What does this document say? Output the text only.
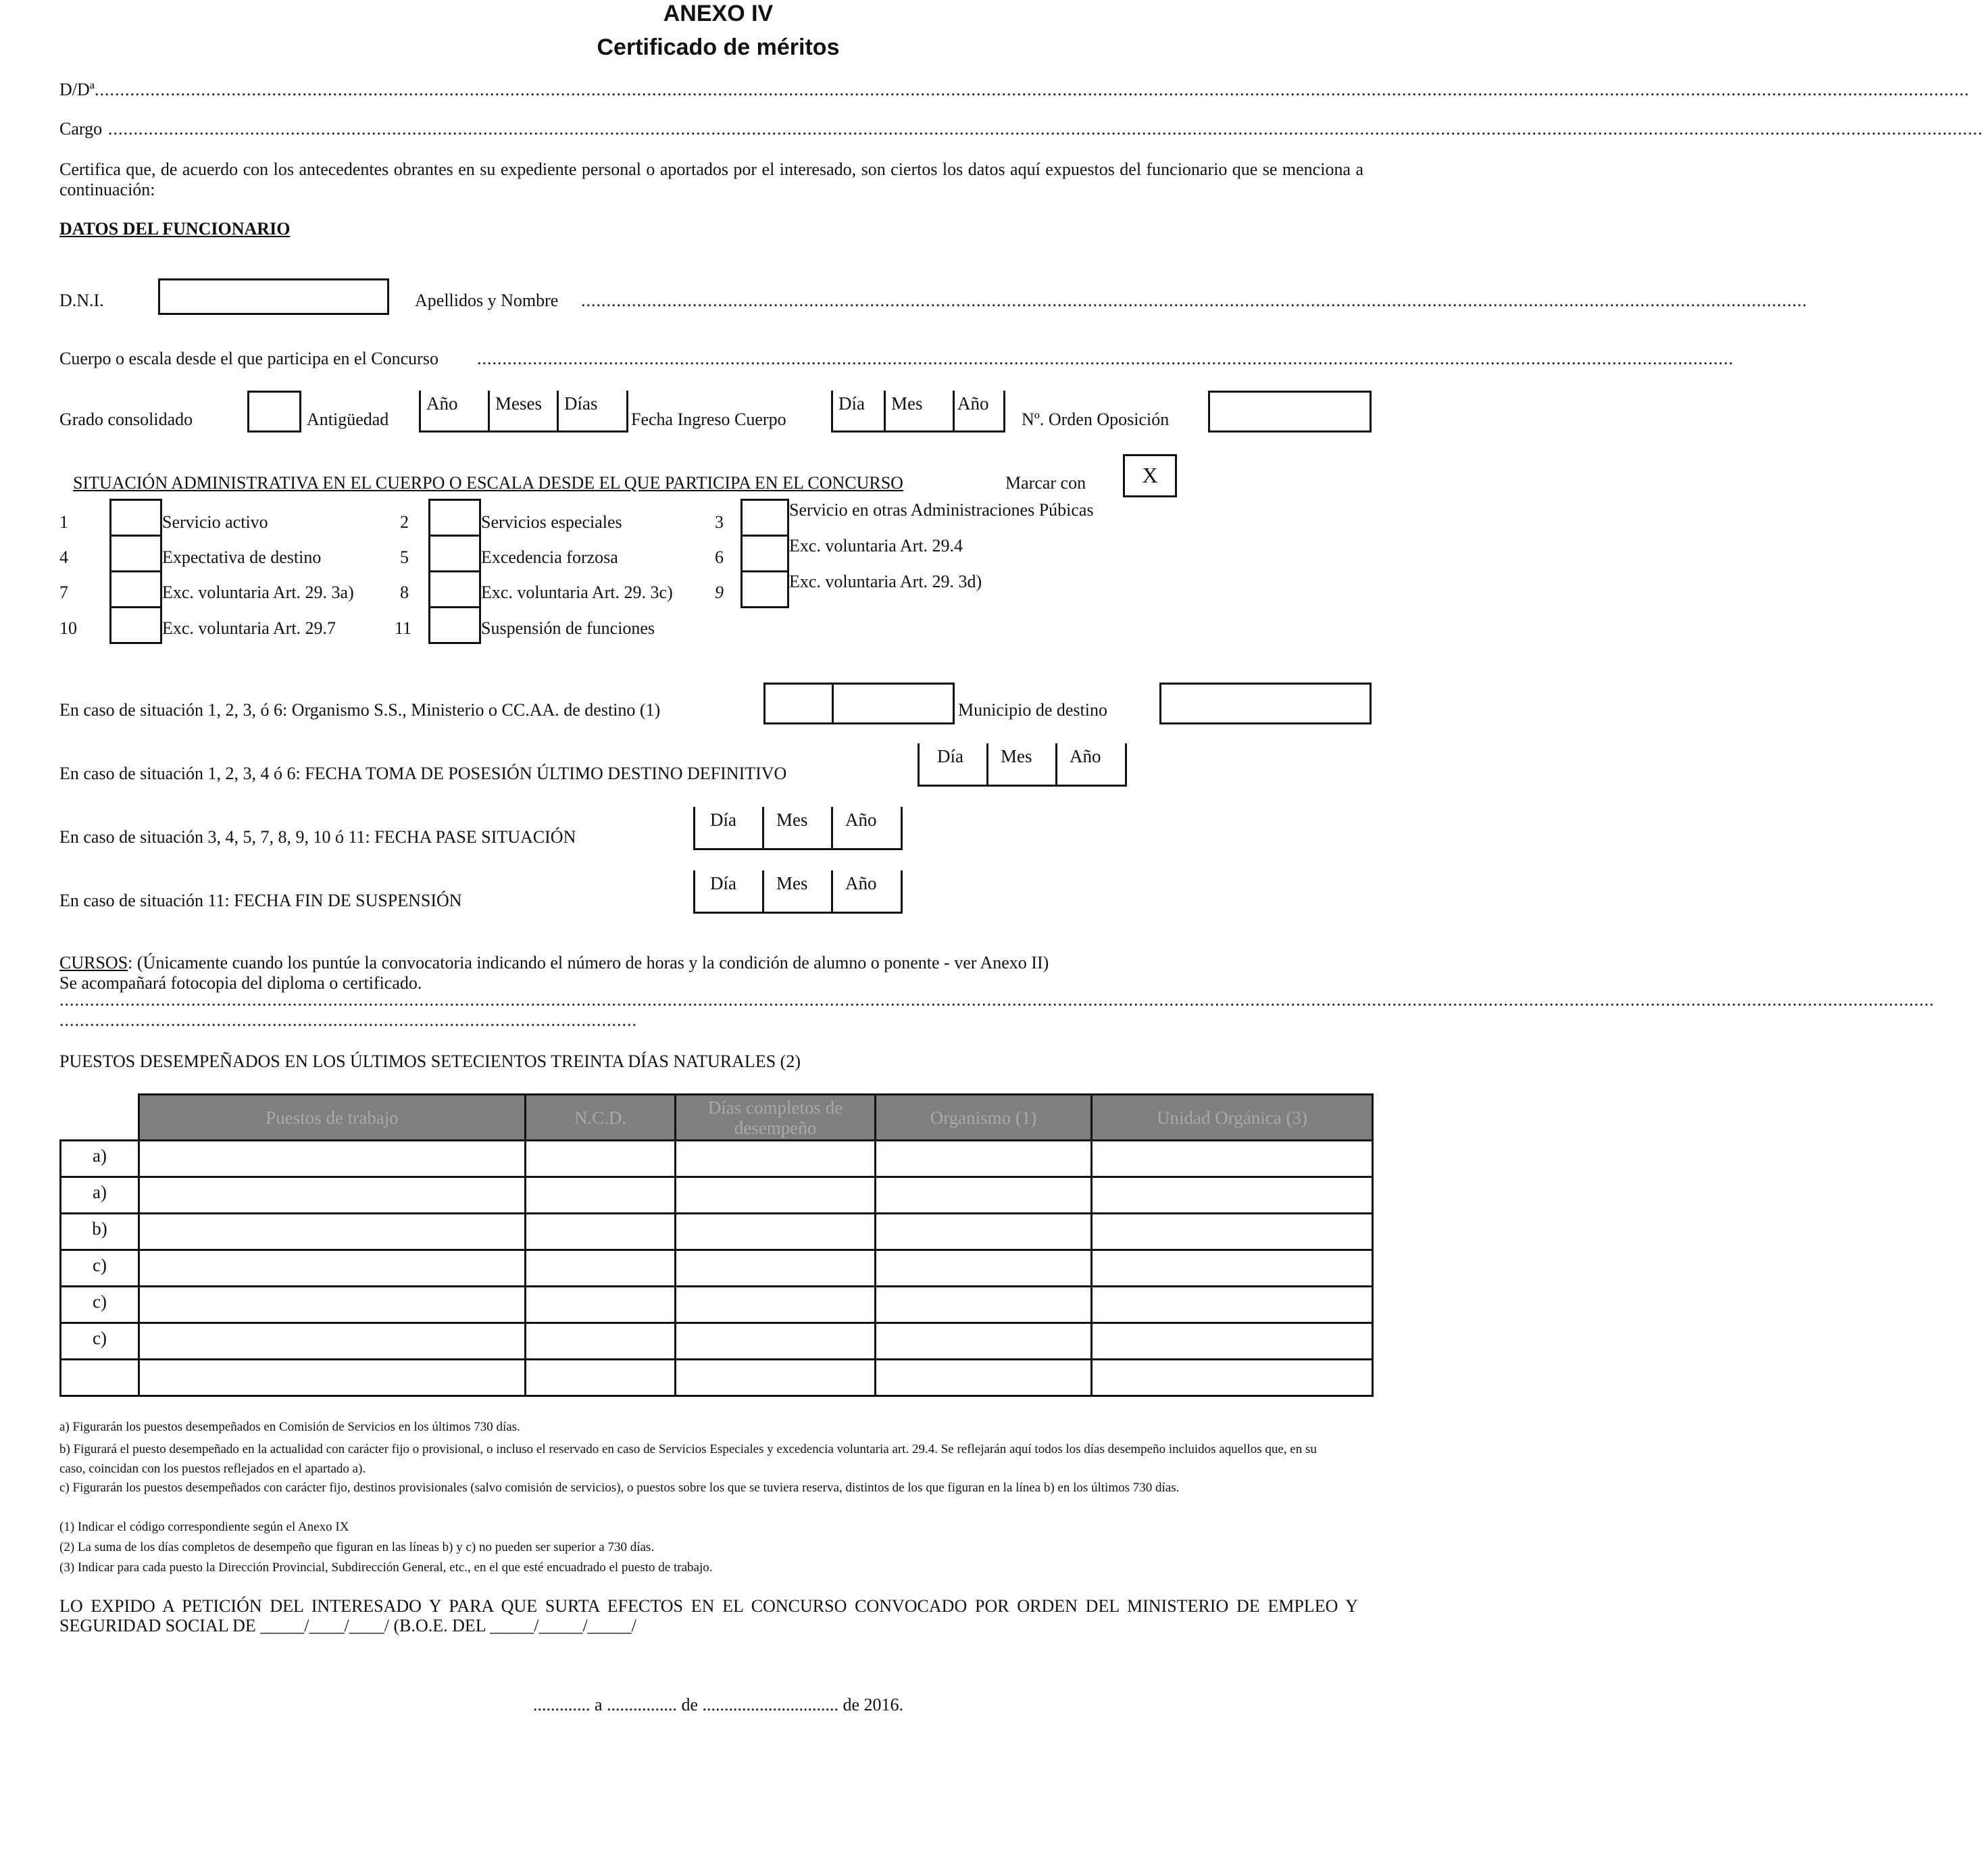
ANEXO IV
Certificado de méritos
D/Dª ..................................................................................................................................................................................................................................................................................................................................................................................
Cargo ..................................................................................................................................................................................................................................................................................................................................................................................
Certifica que, de acuerdo con los antecedentes obrantes en su expediente personal o aportados por el interesado, son ciertos los datos aquí expuestos del funcionario que se menciona a continuación:
DATOS DEL FUNCIONARIO
D.N.I.	Apellidos y Nombre ..................................................................................................................................................................................................................................................
Cuerpo o escala desde el que participa en el Concurso ........................................................................................................................................................................................................................................................
Grado consolidado	Antigüedad
Año	Meses	Días
Fecha Ingreso Cuerpo
Día	Mes	Año
Nº. Orden Oposición
SITUACIÓN ADMINISTRATIVA EN EL CUERPO O ESCALA DESDE EL QUE PARTICIPA EN EL CONCURSO	Marcar con	X
1	Servicio activo
4	Expectativa de destino
7	Exc. voluntaria Art. 29. 3a)
10	Exc. voluntaria Art. 29.7
2	Servicios especiales
5	Excedencia forzosa
8	Exc. voluntaria Art. 29. 3c)
11	Suspensión de funciones
3
Servicio en otras Administraciones Púbicas
6
Exc. voluntaria Art. 29.4
9
Exc. voluntaria Art. 29. 3d)
En caso de situación 1, 2, 3, ó 6: Organismo S.S., Ministerio o CC.AA. de destino (1)	Municipio de destino
En caso de situación 1, 2, 3, 4 ó 6: FECHA TOMA DE POSESIÓN ÚLTIMO DESTINO DEFINITIVO
Día	Mes	Año
En caso de situación 3, 4, 5, 7, 8, 9, 10 ó 11: FECHA PASE SITUACIÓN
Día	Mes	Año
En caso de situación 11: FECHA FIN DE SUSPENSIÓN
Día	Mes	Año
CURSOS: (Únicamente cuando los puntúe la convocatoria indicando el número de horas y la condición de alumno o ponente - ver Anexo II)
Se acompañará fotocopia del diploma o certificado.
..................................................................................................................................................................................................................................................................................................................................................................................
..................................................................................................................
PUESTOS DESEMPEÑADOS EN LOS ÚLTIMOS SETECIENTOS TREINTA DÍAS NATURALES (2)
	Puestos de trabajo	N.C.D.	Días completos de desempeño	Organismo (1)	Unidad Orgánica (3)
a)					
a)					
b)					
c)					
c)					
c)					

a) Figurarán los puestos desempeñados en Comisión de Servicios en los últimos 730 días.
b) Figurará el puesto desempeñado en la actualidad con carácter fijo o provisional, o incluso el reservado en caso de Servicios Especiales y excedencia voluntaria art. 29.4. Se reflejarán aquí todos los días desempeño incluidos aquellos que, en su caso, coincidan con los puestos reflejados en el apartado a).
c) Figurarán los puestos desempeñados con carácter fijo, destinos provisionales (salvo comisión de servicios), o puestos sobre los que se tuviera reserva, distintos de los que figuran en la línea b) en los últimos 730 días.
(1) Indicar el código correspondiente según el Anexo IX
(2) La suma de los días completos de desempeño que figuran en las líneas b) y c) no pueden ser superior a 730 días.
(3) Indicar para cada puesto la Dirección Provincial, Subdirección General, etc., en el que esté encuadrado el puesto de trabajo.
LO EXPIDO A PETICIÓN DEL INTERESADO Y PARA QUE SURTA EFECTOS EN EL CONCURSO CONVOCADO POR ORDEN DEL MINISTERIO DE EMPLEO Y SEGURIDAD SOCIAL DE _____/____/____/ (B.O.E. DEL _____/_____/_____/
............. a ................ de ............................... de 2016.
